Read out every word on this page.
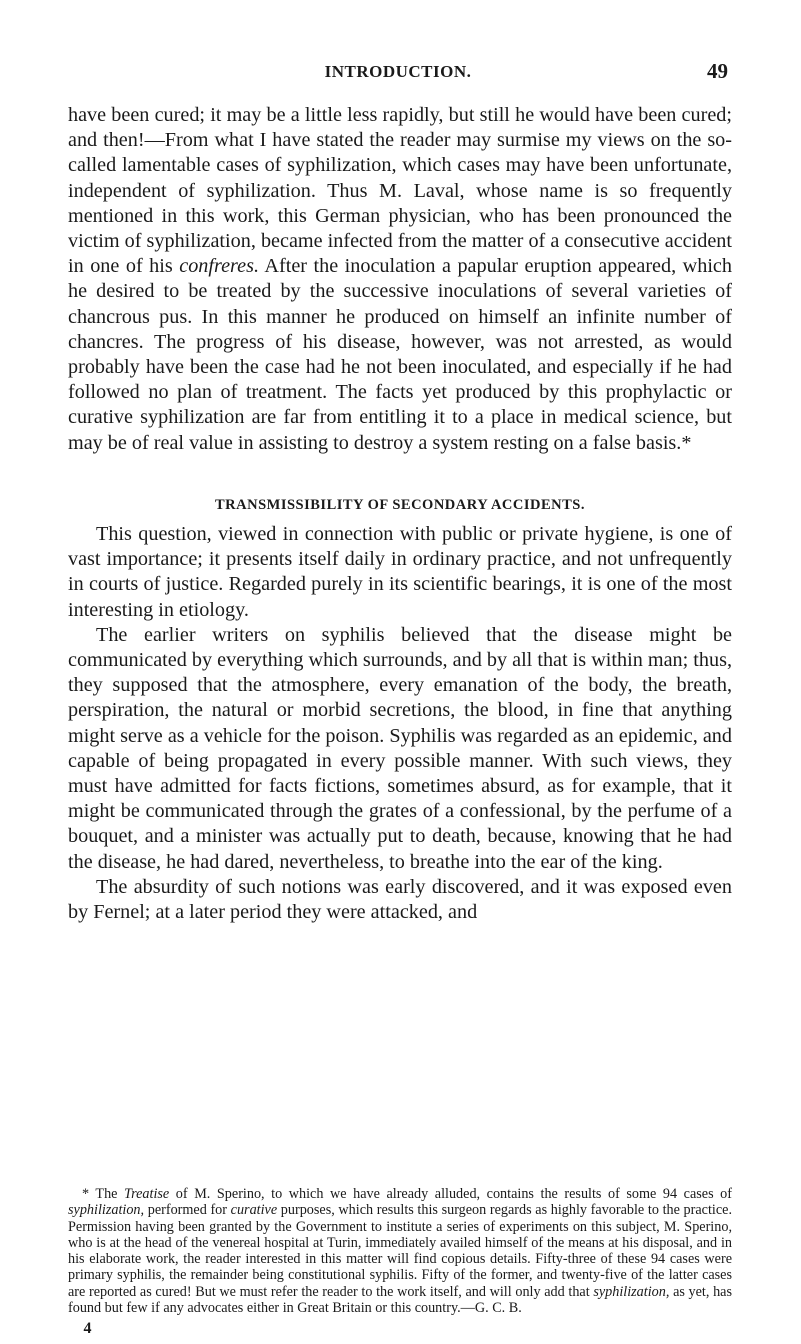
INTRODUCTION.	49

have been cured; it may be a little less rapidly, but still he would have been cured; and then!—From what I have stated the reader may surmise my views on the so-called lamentable cases of syphilization, which cases may have been unfortunate, independent of syphilization. Thus M. Laval, whose name is so frequently mentioned in this work, this German physician, who has been pronounced the victim of syphilization, became infected from the matter of a consecutive accident in one of his confreres. After the inoculation a papular eruption appeared, which he desired to be treated by the successive inoculations of several varieties of chancrous pus. In this manner he produced on himself an infinite number of chancres. The progress of his disease, however, was not arrested, as would probably have been the case had he not been inoculated, and especially if he had followed no plan of treatment. The facts yet produced by this prophylactic or curative syphilization are far from entitling it to a place in medical science, but may be of real value in assisting to destroy a system resting on a false basis.*

TRANSMISSIBILITY OF SECONDARY ACCIDENTS.

This question, viewed in connection with public or private hygiene, is one of vast importance; it presents itself daily in ordinary practice, and not unfrequently in courts of justice. Regarded purely in its scientific bearings, it is one of the most interesting in etiology.

The earlier writers on syphilis believed that the disease might be communicated by everything which surrounds, and by all that is within man; thus, they supposed that the atmosphere, every emanation of the body, the breath, perspiration, the natural or morbid secretions, the blood, in fine that anything might serve as a vehicle for the poison. Syphilis was regarded as an epidemic, and capable of being propagated in every possible manner. With such views, they must have admitted for facts fictions, sometimes absurd, as for example, that it might be communicated through the grates of a confessional, by the perfume of a bouquet, and a minister was actually put to death, because, knowing that he had the disease, he had dared, nevertheless, to breathe into the ear of the king.

The absurdity of such notions was early discovered, and it was exposed even by Fernel; at a later period they were attacked, and

* The Treatise of M. Sperino, to which we have already alluded, contains the results of some 94 cases of syphilization, performed for curative purposes, which results this surgeon regards as highly favorable to the practice. Permission having been granted by the Government to institute a series of experiments on this subject, M. Sperino, who is at the head of the venereal hospital at Turin, immediately availed himself of the means at his disposal, and in his elaborate work, the reader interested in this matter will find copious details. Fifty-three of these 94 cases were primary syphilis, the remainder being constitutional syphilis. Fifty of the former, and twenty-five of the latter cases are reported as cured! But we must refer the reader to the work itself, and will only add that syphilization, as yet, has found but few if any advocates either in Great Britain or this country.—G. C. B.

4
